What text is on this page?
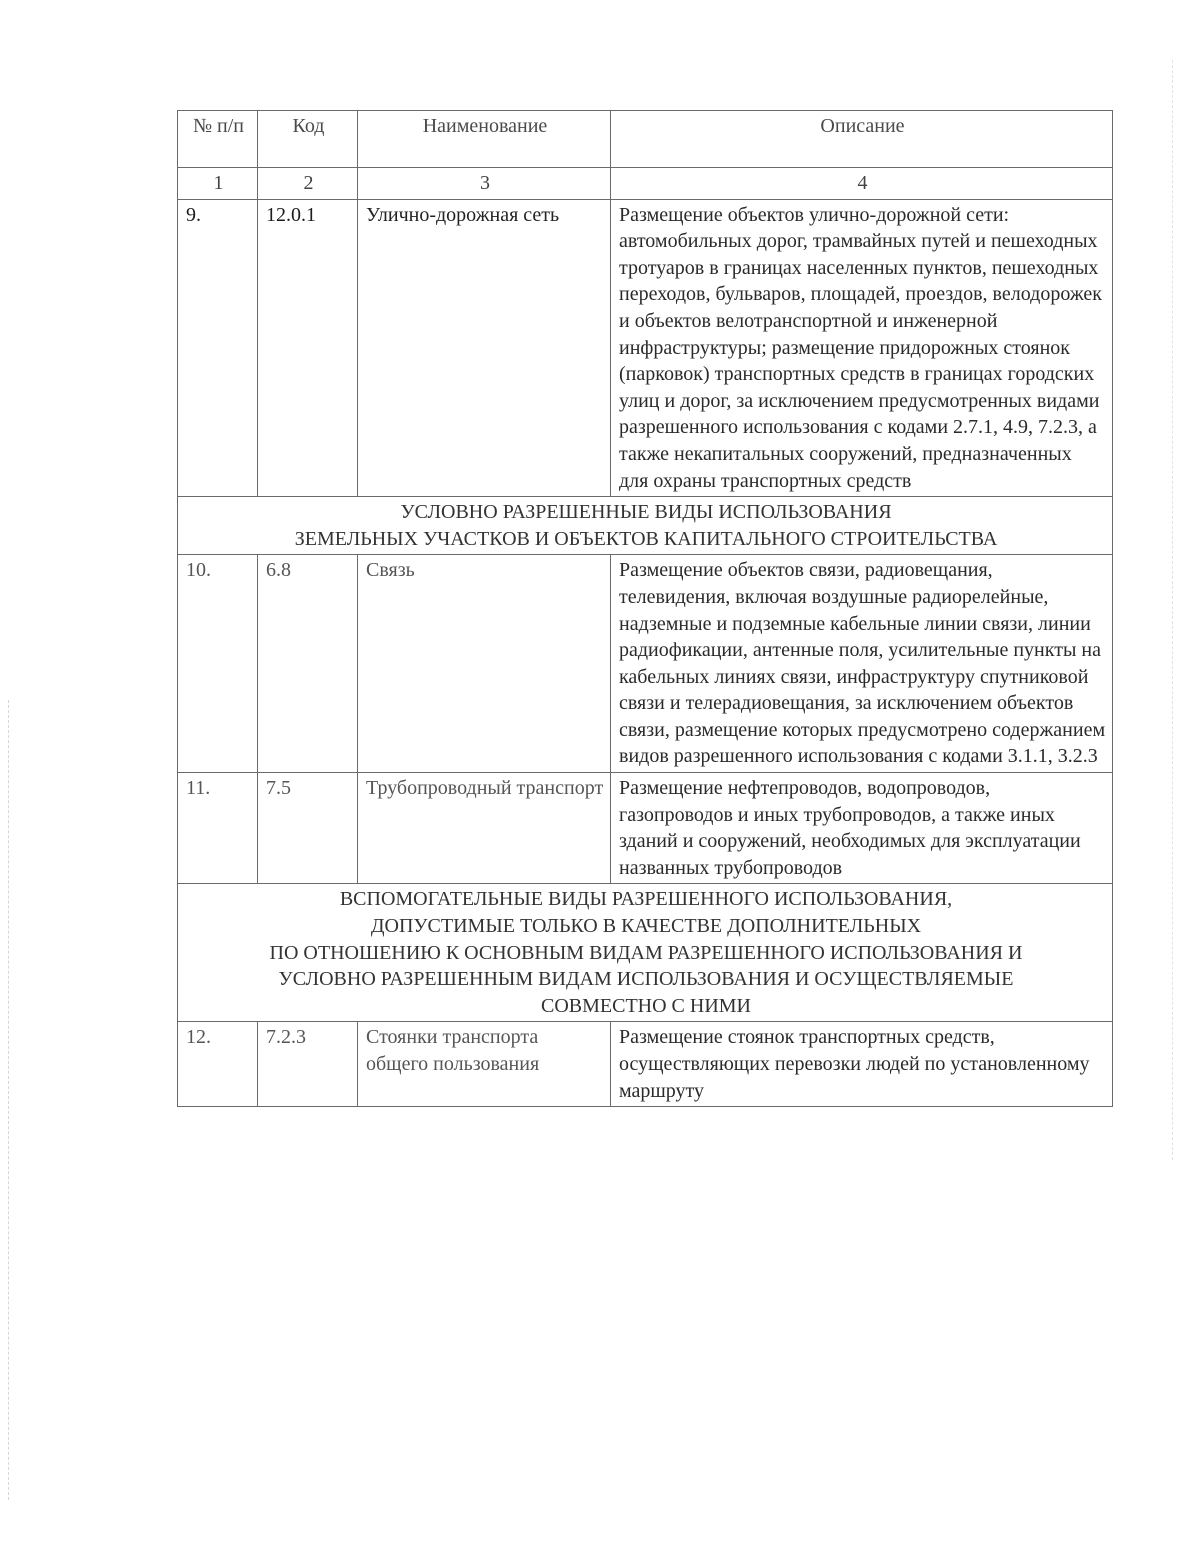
№ п/п	Код	Наименование	Описание
1	2	3	4
9.	12.0.1	Улично-дорожная сеть	Размещение объектов улично-дорожной сети: автомобильных дорог, трамвайных путей и пешеходных тротуаров в границах населенных пунктов, пешеходных переходов, бульваров, площадей, проездов, велодорожек и объектов велотранспортной и инженерной инфраструктуры; размещение придорожных стоянок (парковок) транспортных средств в границах городских улиц и дорог, за исключением предусмотренных видами разрешенного использования с кодами 2.7.1, 4.9, 7.2.3, а также некапитальных сооружений, предназначенных для охраны транспортных средств

УСЛОВНО РАЗРЕШЕННЫЕ ВИДЫ ИСПОЛЬЗОВАНИЯ
ЗЕМЕЛЬНЫХ УЧАСТКОВ И ОБЪЕКТОВ КАПИТАЛЬНОГО СТРОИТЕЛЬСТВА			

10.	6.8	Связь	Размещение объектов связи, радиовещания, телевидения, включая воздушные радиорелейные, надземные и подземные кабельные линии связи, линии радиофикации, антенные поля, усилительные пункты на кабельных линиях связи, инфраструктуру спутниковой связи и телерадиовещания, за исключением объектов связи, размещение которых предусмотрено содержанием видов разрешенного использования с кодами 3.1.1, 3.2.3
11.	7.5	Трубопроводный транспорт	Размещение нефтепроводов, водопроводов, газопроводов и иных трубопроводов, а также иных зданий и сооружений, необходимых для эксплуатации названных трубопроводов

ВСПОМОГАТЕЛЬНЫЕ ВИДЫ РАЗРЕШЕННОГО ИСПОЛЬЗОВАНИЯ,
ДОПУСТИМЫЕ ТОЛЬКО В КАЧЕСТВЕ ДОПОЛНИТЕЛЬНЫХ
ПО ОТНОШЕНИЮ К ОСНОВНЫМ ВИДАМ РАЗРЕШЕННОГО ИСПОЛЬЗОВАНИЯ И
УСЛОВНО РАЗРЕШЕННЫМ ВИДАМ ИСПОЛЬЗОВАНИЯ И ОСУЩЕСТВЛЯЕМЫЕ
СОВМЕСТНО С НИМИ			

12.	7.2.3	Стоянки транспорта общего пользования	Размещение стоянок транспортных средств, осуществляющих перевозки людей по установленному маршруту
